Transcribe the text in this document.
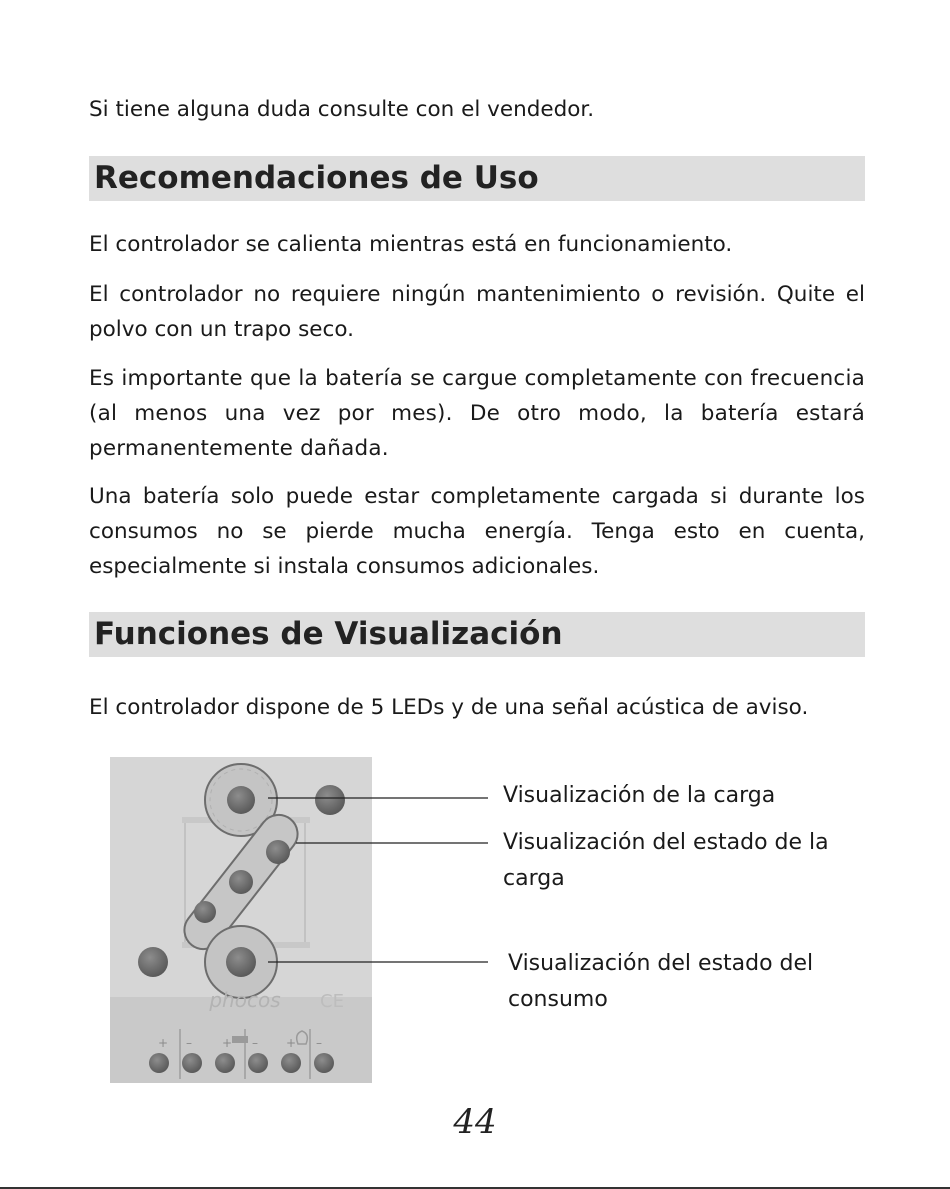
Si tiene alguna duda consulte con el vendedor.

Recomendaciones de Uso

El controlador se calienta mientras está en funcionamiento.

El controlador no requiere ningún mantenimiento o revisión. Quite el polvo con un trapo seco.

Es importante que la batería se cargue completamente con frecuencia (al menos una vez por mes). De otro modo, la batería estará permanentemente dañada.

Una batería solo puede estar completamente cargada si durante los consumos no se pierde mucha energía. Tenga esto en cuenta, especialmente si instala consumos adicionales.

Funciones de Visualización

El controlador dispone de 5 LEDs y de una señal acústica de aviso.

phocos CE
+ –	+ – + –
Visualización de la carga
Visualización del estado de la carga
Visualización del estado del consumo
44
